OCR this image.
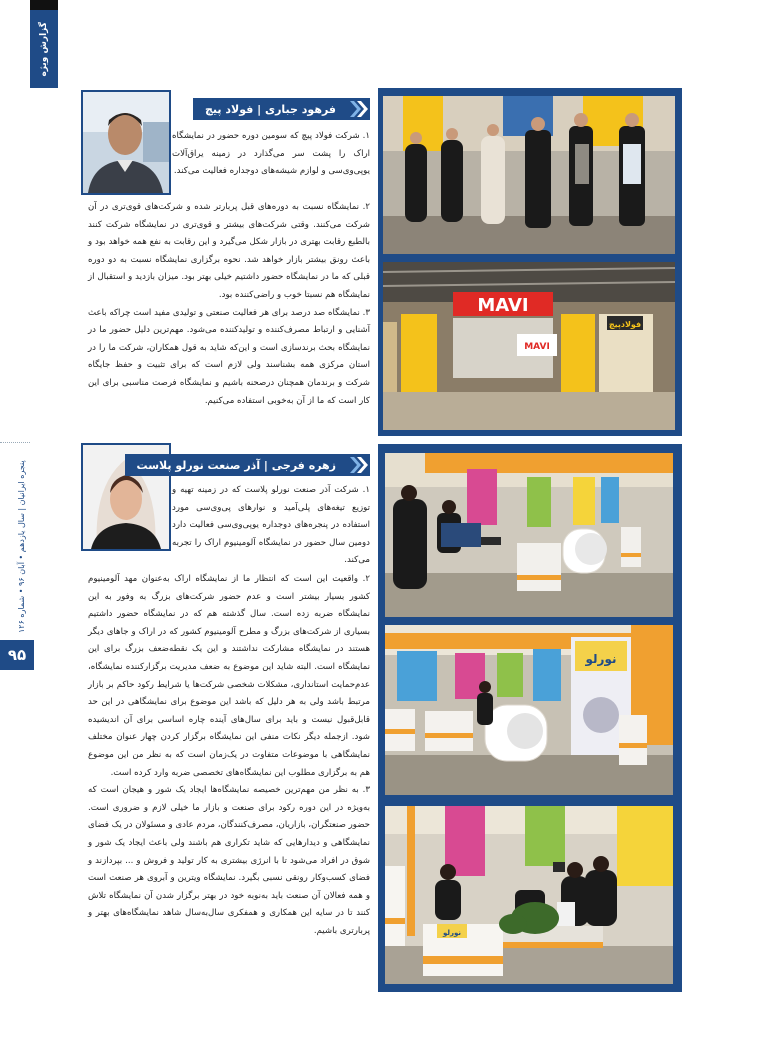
گزارش ویژه
پنجره ایرانیان | سال یازدهم • آبان ۹۶ • شماره ۱۲۶
۹۵
فرهود جباری | فولاد پیچ

۱. شرکت فولاد پیچ که سومین دوره حضور در نمایشگاه اراک را پشت سر می‌گذارد در زمینه یراق‌آلات یوپی‌وی‌سی و لوازم شیشه‌های دوجداره فعالیت می‌کند.

۲. نمایشگاه نسبت به دوره‌های قبل پربارتر شده و شرکت‌های قوی‌تری در آن شرکت می‌کنند. وقتی شرکت‌های بیشتر و قوی‌تری در نمایشگاه شرکت کنند بالطبع رقابت بهتری در بازار شکل می‌گیرد و این رقابت به نفع همه خواهد بود و باعث رونق بیشتر بازار خواهد شد. نحوه برگزاری نمایشگاه نسبت به دو دوره قبلی که ما در نمایشگاه حضور داشتیم خیلی بهتر بود. میزان بازدید و استقبال از نمایشگاه هم نسبتا خوب و راضی‌کننده بود.

۳. نمایشگاه صد درصد برای هر فعالیت صنعتی و تولیدی مفید است چراکه باعث آشنایی و ارتباط مصرف‌کننده و تولیدکننده می‌شود. مهم‌ترین دلیل حضور ما در نمایشگاه بحث برندسازی است و این‌که شاید به قول همکاران، شرکت ما را در استان مرکزی همه بشناسند ولی لازم است که برای تثبیت و حفظ جایگاه شرکت و برندمان همچنان درصحنه باشیم و نمایشگاه فرصت مناسبی برای این کار است که ما از آن به‌خوبی استفاده می‌کنیم.

زهره فرجی | آذر صنعت نورلو پلاست

۱. شرکت آذر صنعت نورلو پلاست که در زمینه تهیه و توزیع تیغه‌های پلی‌آمید و نوارهای پی‌وی‌سی مورد استفاده در پنجره‌های دوجداره یوپی‌وی‌سی فعالیت دارد دومین سال حضور در نمایشگاه آلومینیوم اراک را تجربه می‌کند.

۲. واقعیت این است که انتظار ما از نمایشگاه اراک به‌عنوان مهد آلومینیوم کشور بسیار بیشتر است و عدم حضور شرکت‌های بزرگ به وفور به این نمایشگاه ضربه زده است. سال گذشته هم که در نمایشگاه حضور داشتیم بسیاری از شرکت‌های بزرگ و مطرح آلومینیوم کشور که در اراک و جاهای دیگر هستند در نمایشگاه مشارکت نداشتند و این یک نقطه‌ضعف بزرگ برای این نمایشگاه است. البته شاید این موضوع به ضعف مدیریت برگزارکننده نمایشگاه، عدم‌حمایت استانداری، مشکلات شخصی شرکت‌ها یا شرایط رکود حاکم بر بازار مرتبط باشد ولی به هر دلیل که باشد این موضوع برای نمایشگاهی در این حد قابل‌قبول نیست و باید برای سال‌های آینده چاره اساسی برای آن اندیشیده شود. ازجمله دیگر نکات منفی این نمایشگاه برگزار کردن چهار عنوان مختلف نمایشگاهی با موضوعات متفاوت در یک‌زمان است که به نظر من این موضوع هم به برگزاری مطلوب این نمایشگاه‌های تخصصی ضربه وارد کرده است.

۳. به نظر من مهم‌ترین خصیصه نمایشگاه‌ها ایجاد یک شور و هیجان است که به‌ویژه در این دوره رکود برای صنعت و بازار ما خیلی لازم و ضروری است. حضور صنعتگران، بازاریان، مصرف‌کنندگان، مردم عادی و مسئولان در یک فضای نمایشگاهی و دیدارهایی که شاید تکراری هم باشند ولی باعث ایجاد یک شور و شوق در افراد می‌شود تا با انرژی بیشتری به کار تولید و فروش و ... بپردازند و فضای کسب‌وکار رونقی نسبی بگیرد. نمایشگاه ویترین و آبروی هر صنعت است و همه فعالان آن صنعت باید به‌نوبه خود در بهتر برگزار شدن آن نمایشگاه تلاش کنند تا در سایه این همکاری و همفکری سال‌به‌سال شاهد نمایشگاه‌های بهتر و پربارتری باشیم.

MAVI
فولادپیچ
MAVI
نورلو
نورلو
